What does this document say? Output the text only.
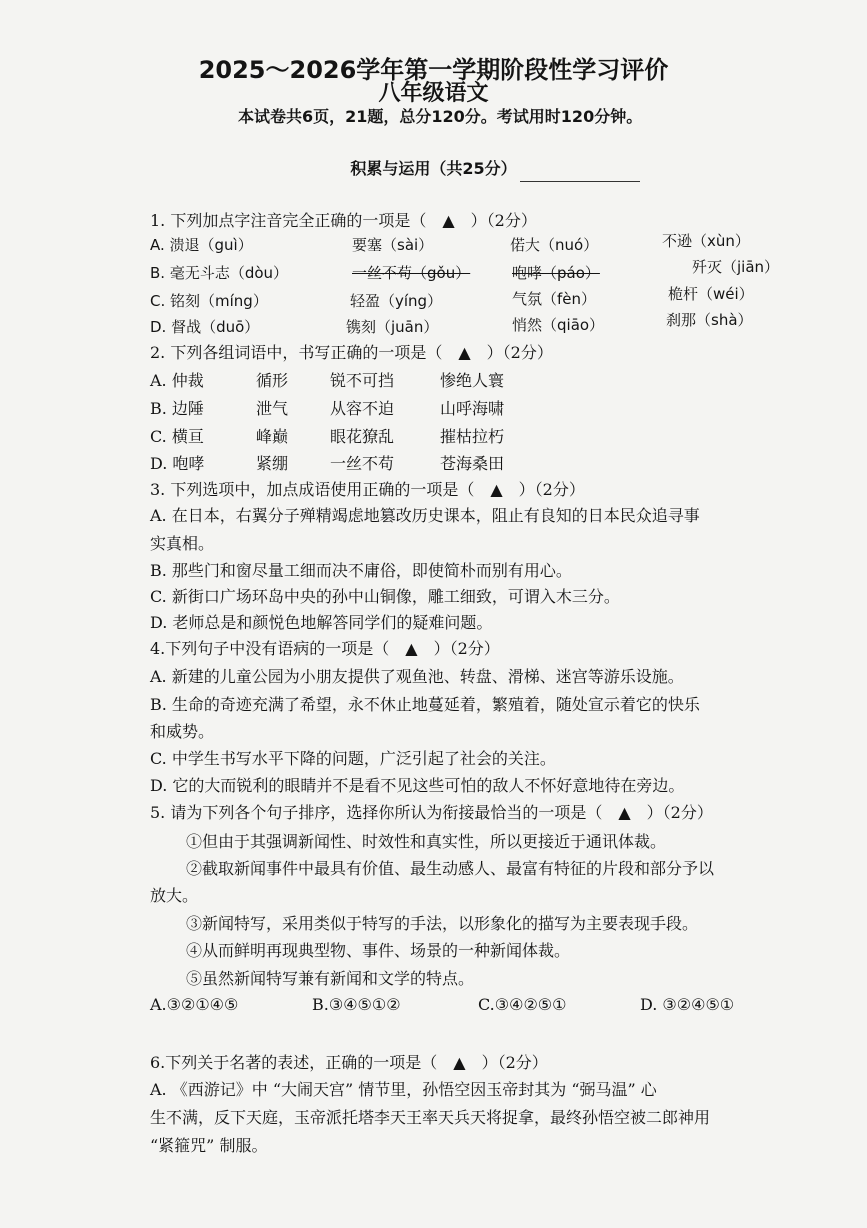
2025～2026学年第一学期阶段性学习评价
八年级语文
本试卷共6页，21题，总分120分。考试用时120分钟。
积累与运用（共25分）
1. 下列加点字注音完全正确的一项是（　▲　）（2分）
A. 溃退（guì）	要塞（sài）	偌大（nuó）	不逊（xùn）
B. 毫无斗志（dòu）	一丝不苟（gǒu）	咆哮（páo）	歼灭（jiān）
C. 铭刻（míng）	轻盈（yíng）	气氛（fèn）	桅杆（wéi）
D. 督战（duō）	镌刻（juān）	悄然（qiāo）	刹那（shà）
2. 下列各组词语中，书写正确的一项是（　▲　）（2分）
A. 仲裁	循形	锐不可挡	惨绝人寰
B. 边陲	泄气	从容不迫	山呼海啸
C. 横亘	峰巅	眼花獠乱	摧枯拉朽
D. 咆哮	紧绷	一丝不苟	苍海桑田
3. 下列选项中，加点成语使用正确的一项是（　▲　）（2分）
A. 在日本，右翼分子殚精竭虑地篡改历史课本，阻止有良知的日本民众追寻事
实真相。
B. 那些门和窗尽量工细而决不庸俗，即使简朴而别有用心。
C. 新街口广场环岛中央的孙中山铜像，雕工细致，可谓入木三分。
D. 老师总是和颜悦色地解答同学们的疑难问题。
4.下列句子中没有语病的一项是（　▲　）（2分）
A. 新建的儿童公园为小朋友提供了观鱼池、转盘、滑梯、迷宫等游乐设施。
B. 生命的奇迹充满了希望，永不休止地蔓延着，繁殖着，随处宣示着它的快乐
和威势。
C. 中学生书写水平下降的问题，广泛引起了社会的关注。
D. 它的大而锐利的眼睛并不是看不见这些可怕的敌人不怀好意地待在旁边。
5. 请为下列各个句子排序，选择你所认为衔接最恰当的一项是（　▲　）（2分）
①但由于其强调新闻性、时效性和真实性，所以更接近于通讯体裁。
②截取新闻事件中最具有价值、最生动感人、最富有特征的片段和部分予以
放大。
③新闻特写，采用类似于特写的手法，以形象化的描写为主要表现手段。
④从而鲜明再现典型物、事件、场景的一种新闻体裁。
⑤虽然新闻特写兼有新闻和文学的特点。
A.③②①④⑤	B.③④⑤①②	C.③④②⑤①	D. ③②④⑤①
6.下列关于名著的表述，正确的一项是（　▲　）（2分）
A. 《西游记》中 “大闹天宫” 情节里，孙悟空因玉帝封其为 “弼马温” 心
生不满，反下天庭，玉帝派托塔李天王率天兵天将捉拿，最终孙悟空被二郎神用
“紧箍咒” 制服。
